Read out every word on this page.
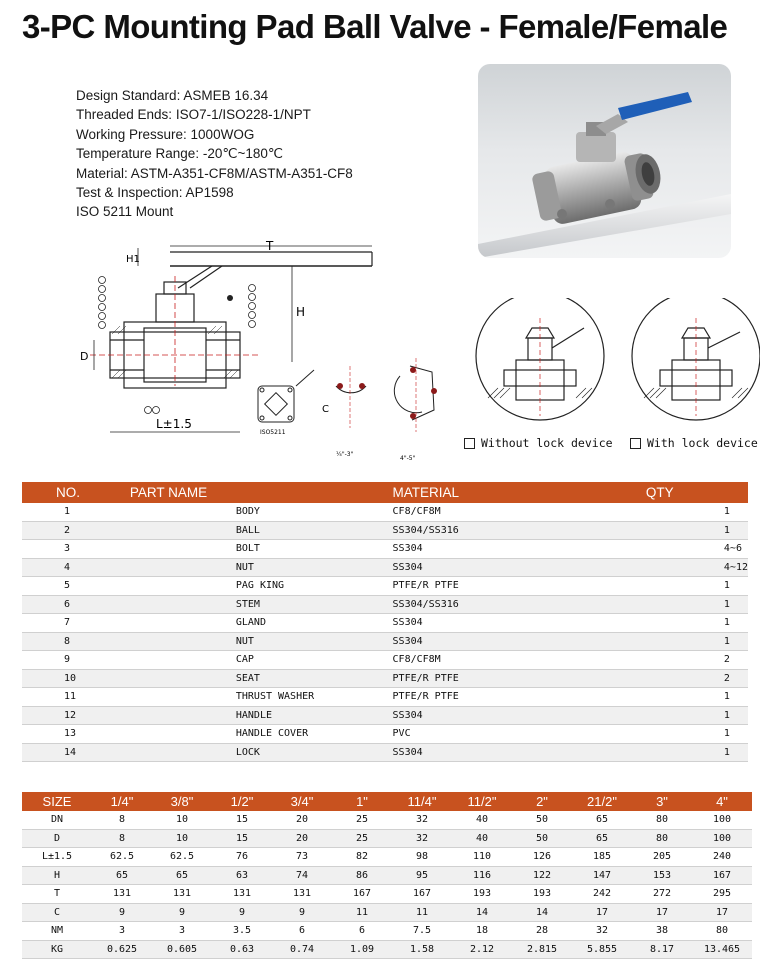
3-PC Mounting Pad Ball Valve - Female/Female
Design Standard: ASMEB 16.34
Threaded Ends: ISO7-1/ISO228-1/NPT
Working Pressure: 1000WOG
Temperature Range: -20℃~180℃
Material: ASTM-A351-CF8M/ASTM-A351-CF8
Test & Inspection: AP1598
ISO 5211 Mount
T
H
H1
D
L±1.5
ISO5211
C
¼"-3"
4"-5"
Without lock device	With lock device
NO.	PART NAME	MATERIAL	QTY
1	BODY	CF8/CF8M	1
2	BALL	SS304/SS316	1
3	BOLT	SS304	4~6
4	NUT	SS304	4~12
5	PAG KING	PTFE/R PTFE	1
6	STEM	SS304/SS316	1
7	GLAND	SS304	1
8	NUT	SS304	1
9	CAP	CF8/CF8M	2
10	SEAT	PTFE/R PTFE	2
11	THRUST WASHER	PTFE/R PTFE	1
12	HANDLE	SS304	1
13	HANDLE COVER	PVC	1
14	LOCK	SS304	1
SIZE	1/4"	3/8"	1/2"	3/4"	1"	11/4"	11/2"	2"	21/2"	3"	4"
DN	8	10	15	20	25	32	40	50	65	80	100
D	8	10	15	20	25	32	40	50	65	80	100
L±1.5	62.5	62.5	76	73	82	98	110	126	185	205	240
H	65	65	63	74	86	95	116	122	147	153	167
T	131	131	131	131	167	167	193	193	242	272	295
C	9	9	9	9	11	11	14	14	17	17	17
NM	3	3	3.5	6	6	7.5	18	28	32	38	80
KG	0.625	0.605	0.63	0.74	1.09	1.58	2.12	2.815	5.855	8.17	13.465
